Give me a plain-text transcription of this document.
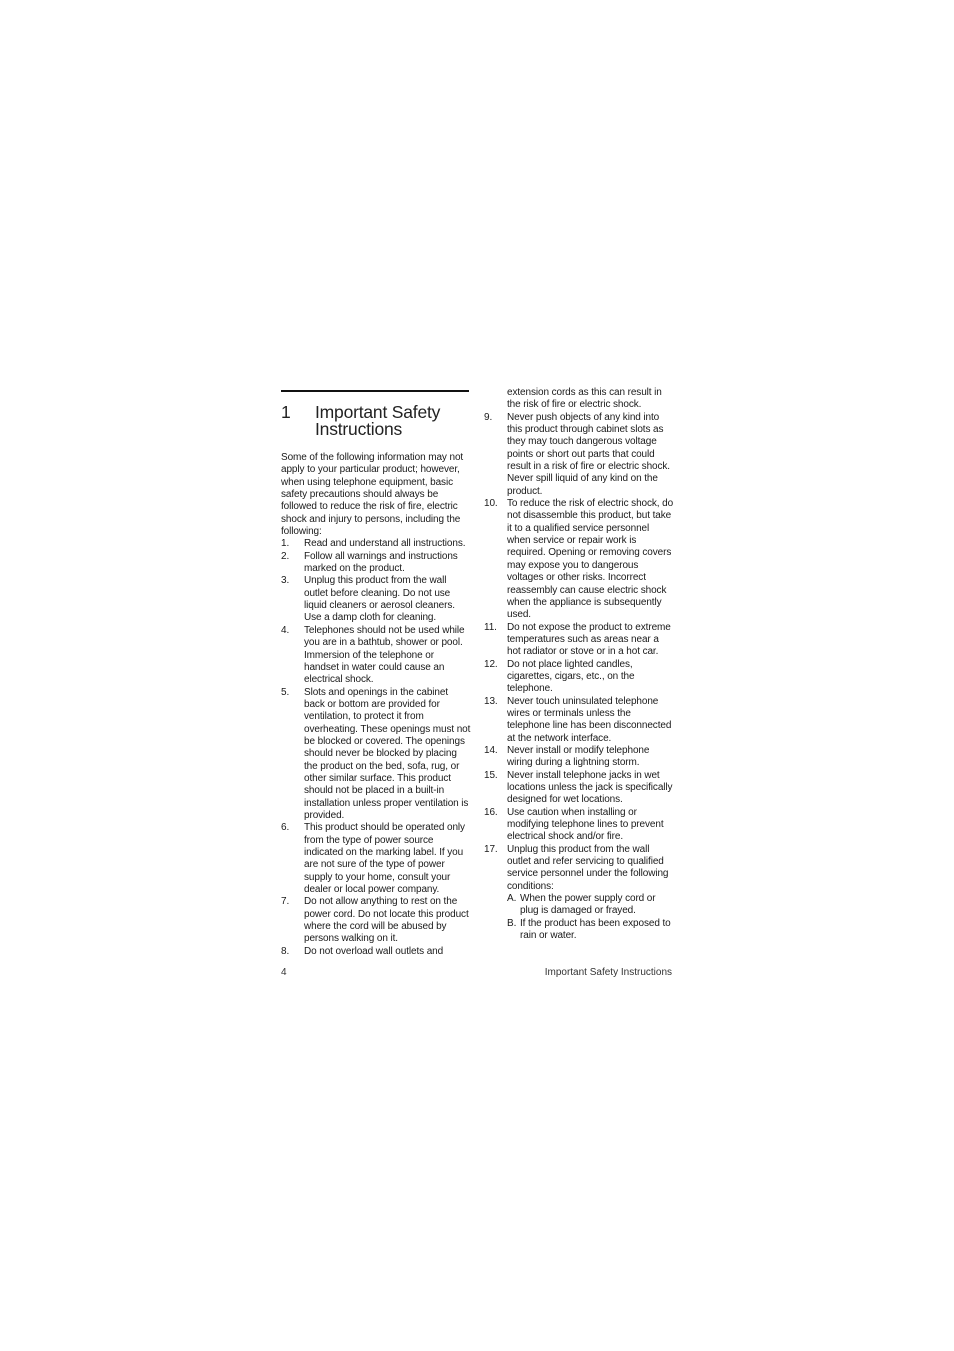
1 Important Safety Instructions

Some of the following information may not apply to your particular product; however, when using telephone equipment, basic safety precautions should always be followed to reduce the risk of fire, electric shock and injury to persons, including the following:

1. Read and understand all instructions.
2. Follow all warnings and instructions marked on the product.
3. Unplug this product from the wall outlet before cleaning. Do not use liquid cleaners or aerosol cleaners. Use a damp cloth for cleaning.
4. Telephones should not be used while you are in a bathtub, shower or pool. Immersion of the telephone or handset in water could cause an electrical shock.
5. Slots and openings in the cabinet back or bottom are provided for ventilation, to protect it from overheating. These openings must not be blocked or covered. The openings should never be blocked by placing the product on the bed, sofa, rug, or other similar surface. This product should not be placed in a built-in installation unless proper ventilation is provided.
6. This product should be operated only from the type of power source indicated on the marking label. If you are not sure of the type of power supply to your home, consult your dealer or local power company.
7. Do not allow anything to rest on the power cord. Do not locate this product where the cord will be abused by persons walking on it.
8. Do not overload wall outlets and
extension cords as this can result in the risk of fire or electric shock.
9. Never push objects of any kind into this product through cabinet slots as they may touch dangerous voltage points or short out parts that could result in a risk of fire or electric shock. Never spill liquid of any kind on the product.
10. To reduce the risk of electric shock, do not disassemble this product, but take it to a qualified service personnel when service or repair work is required. Opening or removing covers may expose you to dangerous voltages or other risks. Incorrect reassembly can cause electric shock when the appliance is subsequently used.
11. Do not expose the product to extreme temperatures such as areas near a hot radiator or stove or in a hot car.
12. Do not place lighted candles, cigarettes, cigars, etc., on the telephone.
13. Never touch uninsulated telephone wires or terminals unless the telephone line has been disconnected at the network interface.
14. Never install or modify telephone wiring during a lightning storm.
15. Never install telephone jacks in wet locations unless the jack is specifically designed for wet locations.
16. Use caution when installing or modifying telephone lines to prevent electrical shock and/or fire.
17. Unplug this product from the wall outlet and refer servicing to qualified service personnel under the following conditions:
A. When the power supply cord or plug is damaged or frayed.
B. If the product has been exposed to rain or water.
4	Important Safety Instructions
